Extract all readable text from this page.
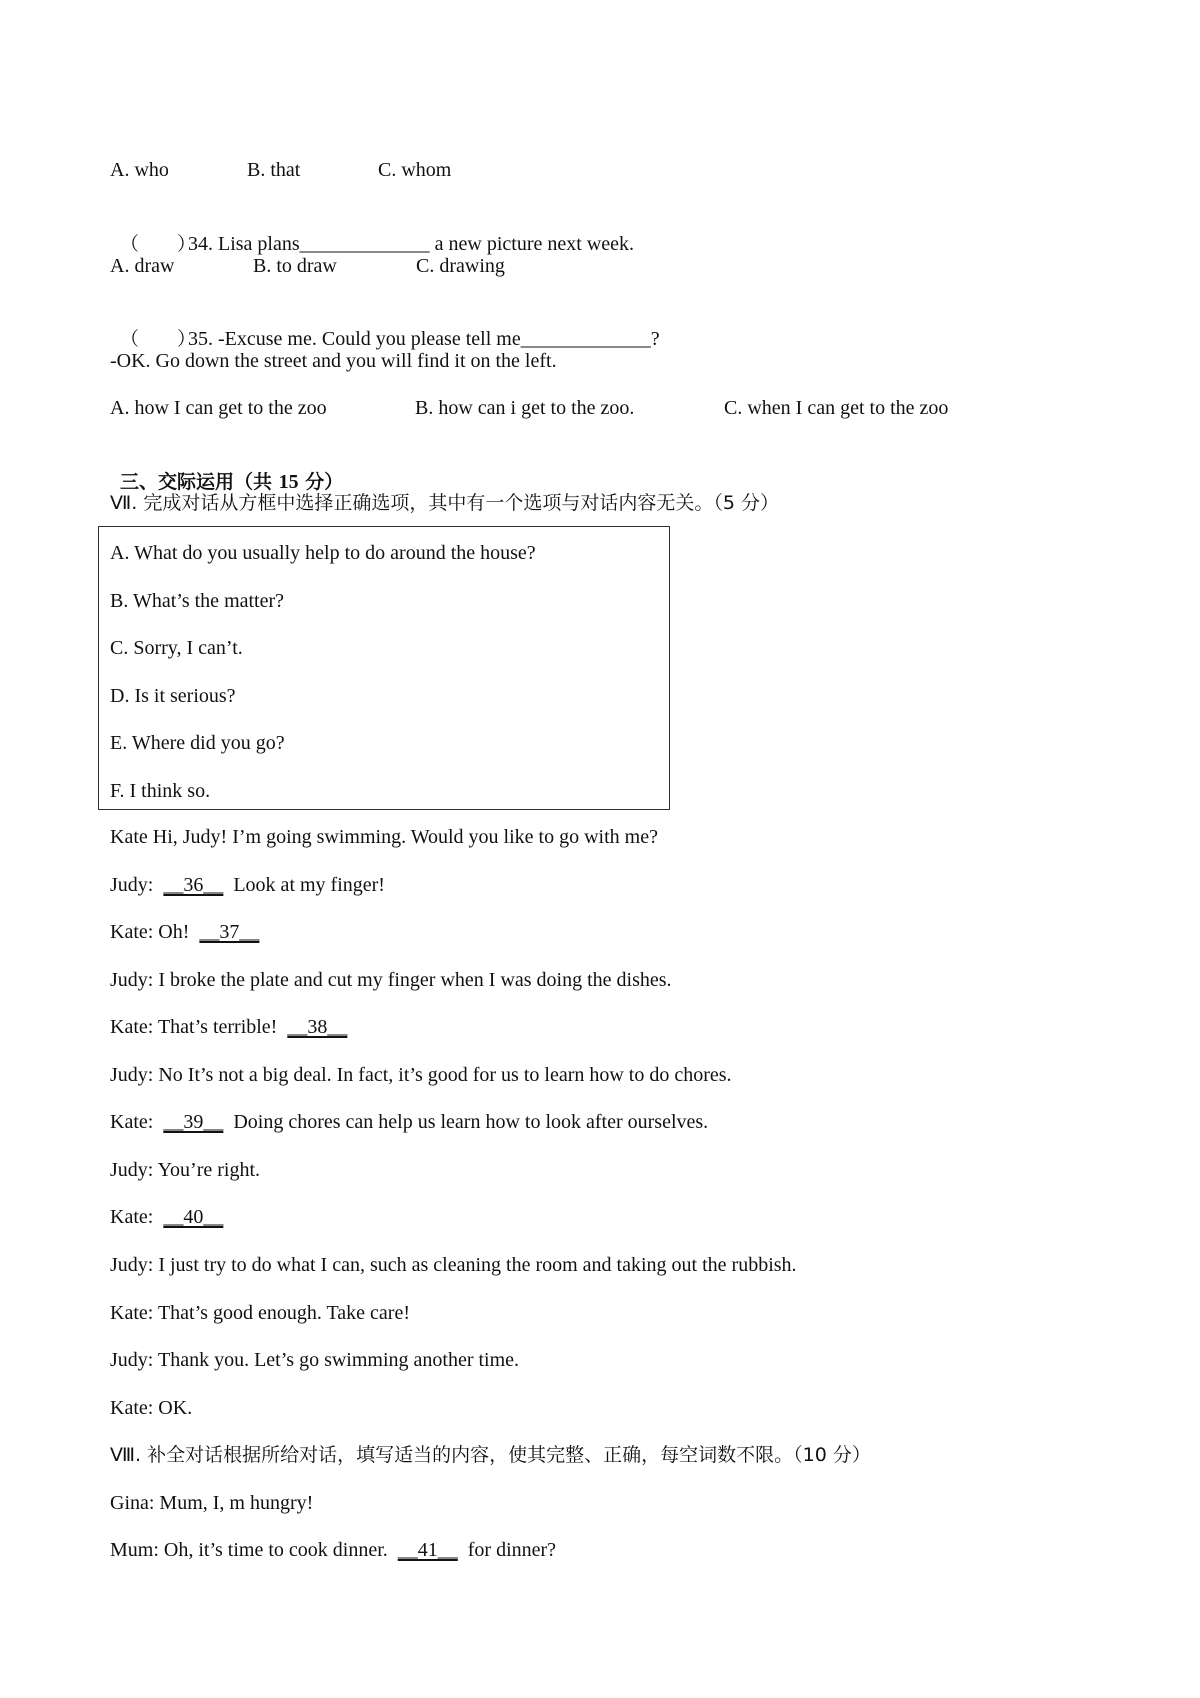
A. who	B. that	C. whom

（　　）34. Lisa plans_____________ a new picture next week.

A. draw	B. to draw	C. drawing

（　　）35. -Excuse me. Could you please tell me_____________?

-OK. Go down the street and you will find it on the left.
A. how I can get to the zoo	B. how can i get to the zoo.	C. when I can get to the zoo

三、交际运用（共 15 分）

Ⅶ. 完成对话从方框中选择正确选项，其中有一个选项与对话内容无关。（5 分）
A. What do you usually help to do around the house?
B. What’s the matter?
C. Sorry, I can’t.
D. Is it serious?
E. Where did you go?
F. I think so.
Kate Hi, Judy! I’m going swimming. Would you like to go with me?
Judy:  __36__  Look at my finger!
Kate: Oh!  __37__
Judy: I broke the plate and cut my finger when I was doing the dishes.
Kate: That’s terrible!  __38__
Judy: No It’s not a big deal. In fact, it’s good for us to learn how to do chores.
Kate:  __39__  Doing chores can help us learn how to look after ourselves.
Judy: You’re right.
Kate:  __40__
Judy: I just try to do what I can, such as cleaning the room and taking out the rubbish.
Kate: That’s good enough. Take care!
Judy: Thank you. Let’s go swimming another time.
Kate: OK.
Ⅷ. 补全对话根据所给对话，填写适当的内容，使其完整、正确，每空词数不限。（10 分）
Gina: Mum, I, m hungry!
Mum: Oh, it’s time to cook dinner.  __41__  for dinner?
